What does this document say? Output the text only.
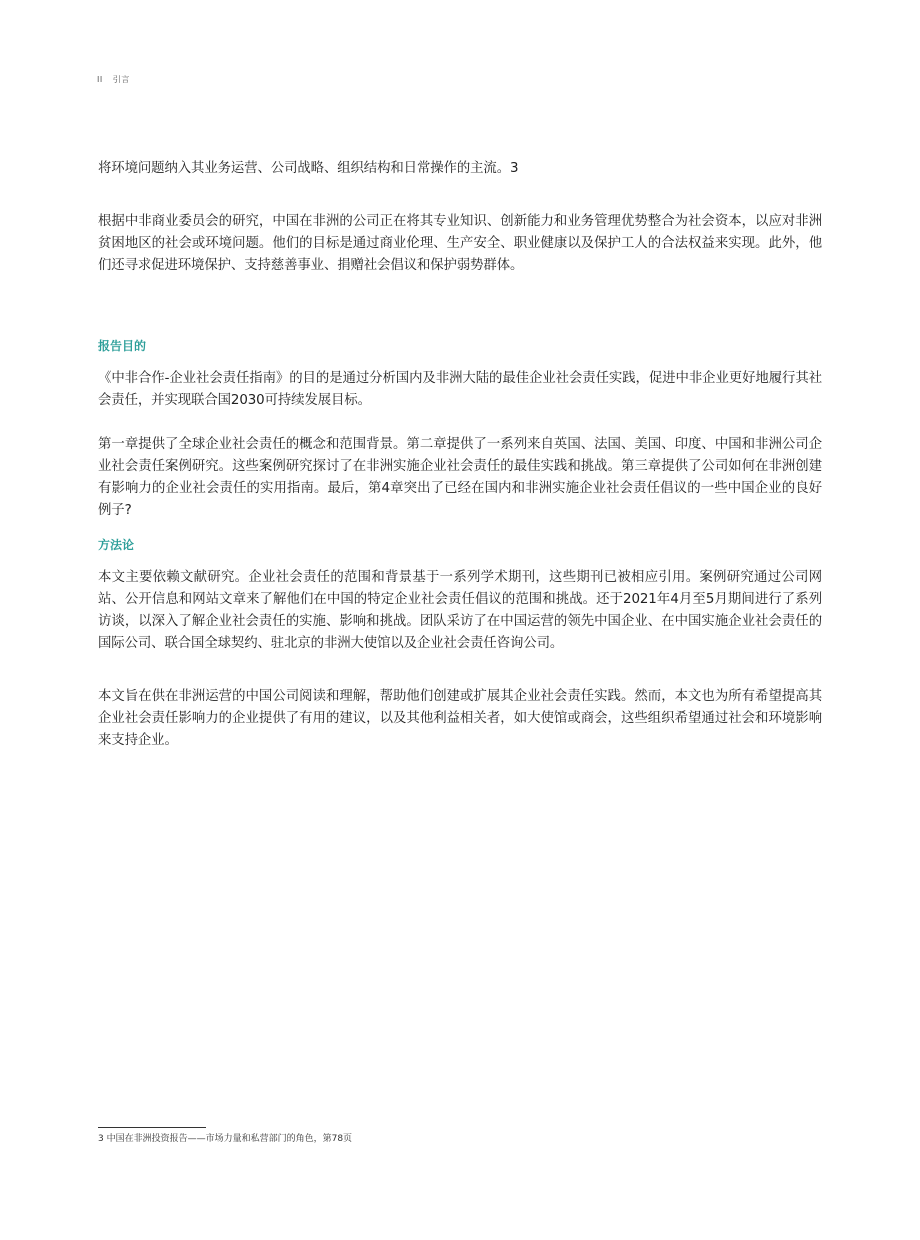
II 引言

将环境问题纳入其业务运营、公司战略、组织结构和日常操作的主流。3

根据中非商业委员会的研究，中国在非洲的公司正在将其专业知识、创新能力和业务管理优势整合为社会资本，以应对非洲贫困地区的社会或环境问题。他们的目标是通过商业伦理、生产安全、职业健康以及保护工人的合法权益来实现。此外，他们还寻求促进环境保护、支持慈善事业、捐赠社会倡议和保护弱势群体。

报告目的

《中非合作-企业社会责任指南》的目的是通过分析国内及非洲大陆的最佳企业社会责任实践，促进中非企业更好地履行其社会责任，并实现联合国2030可持续发展目标。

第一章提供了全球企业社会责任的概念和范围背景。第二章提供了一系列来自英国、法国、美国、印度、中国和非洲公司企业社会责任案例研究。这些案例研究探讨了在非洲实施企业社会责任的最佳实践和挑战。第三章提供了公司如何在非洲创建有影响力的企业社会责任的实用指南。最后，第4章突出了已经在国内和非洲实施企业社会责任倡议的一些中国企业的良好例子?

方法论

本文主要依赖文献研究。企业社会责任的范围和背景基于一系列学术期刊，这些期刊已被相应引用。案例研究通过公司网站、公开信息和网站文章来了解他们在中国的特定企业社会责任倡议的范围和挑战。还于2021年4月至5月期间进行了系列访谈，以深入了解企业社会责任的实施、影响和挑战。团队采访了在中国运营的领先中国企业、在中国实施企业社会责任的国际公司、联合国全球契约、驻北京的非洲大使馆以及企业社会责任咨询公司。

本文旨在供在非洲运营的中国公司阅读和理解，帮助他们创建或扩展其企业社会责任实践。然而，本文也为所有希望提高其企业社会责任影响力的企业提供了有用的建议，以及其他利益相关者，如大使馆或商会，这些组织希望通过社会和环境影响来支持企业。

3 中国在非洲投资报告——市场力量和私营部门的角色，第78页
